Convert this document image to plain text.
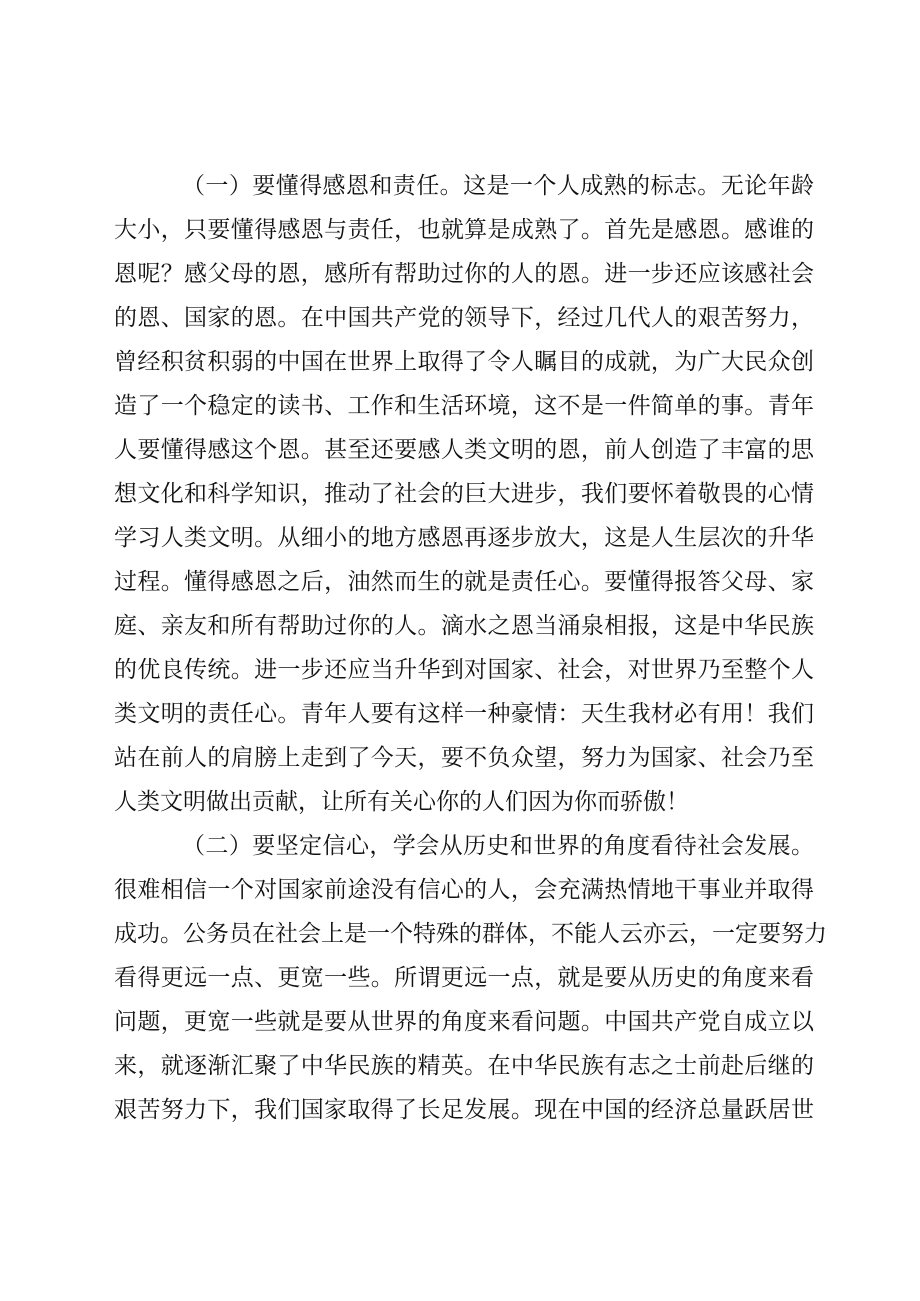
（一）要懂得感恩和责任。这是一个人成熟的标志。无论年龄
大小，只要懂得感恩与责任，也就算是成熟了。首先是感恩。感谁的
恩呢？感父母的恩，感所有帮助过你的人的恩。进一步还应该感社会
的恩、国家的恩。在中国共产党的领导下，经过几代人的艰苦努力，
曾经积贫积弱的中国在世界上取得了令人瞩目的成就，为广大民众创
造了一个稳定的读书、工作和生活环境，这不是一件简单的事。青年
人要懂得感这个恩。甚至还要感人类文明的恩，前人创造了丰富的思
想文化和科学知识，推动了社会的巨大进步，我们要怀着敬畏的心情
学习人类文明。从细小的地方感恩再逐步放大，这是人生层次的升华
过程。懂得感恩之后，油然而生的就是责任心。要懂得报答父母、家
庭、亲友和所有帮助过你的人。滴水之恩当涌泉相报，这是中华民族
的优良传统。进一步还应当升华到对国家、社会，对世界乃至整个人
类文明的责任心。青年人要有这样一种豪情：天生我材必有用！我们
站在前人的肩膀上走到了今天，要不负众望，努力为国家、社会乃至
人类文明做出贡献，让所有关心你的人们因为你而骄傲！
（二）要坚定信心，学会从历史和世界的角度看待社会发展。
很难相信一个对国家前途没有信心的人，会充满热情地干事业并取得
成功。公务员在社会上是一个特殊的群体，不能人云亦云，一定要努力
看得更远一点、更宽一些。所谓更远一点，就是要从历史的角度来看
问题，更宽一些就是要从世界的角度来看问题。中国共产党自成立以
来，就逐渐汇聚了中华民族的精英。在中华民族有志之士前赴后继的
艰苦努力下，我们国家取得了长足发展。现在中国的经济总量跃居世
